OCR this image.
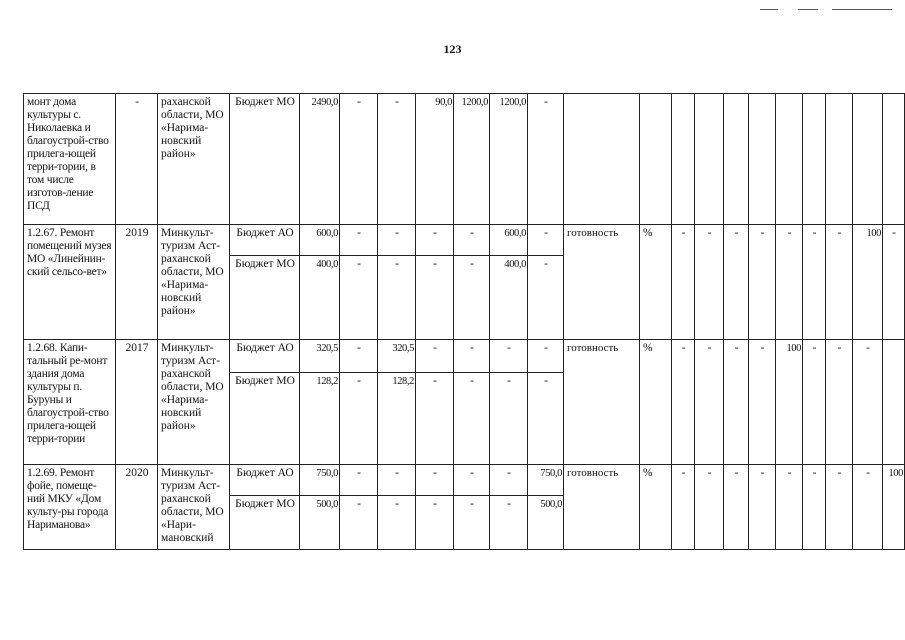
123
монт дома культуры с. Николаевка и благоустрой-ство прилега-ющей терри-тории, в том числе изготов-ление ПСД	-	раханской области, МО «Нарима-новский район»	Бюджет МО	2490,0	-	-	90,0	1200,0	1200,0	-											
1.2.67. Ремонт помещений музея МО «Линейнин-ский сельсо-вет»	2019	Минкульт-туризм Аст-раханской области, МО «Нарима-новский район»	Бюджет АО	600,0	-	-	-	-	600,0	-	готовность	%	-	-	-	-	-	-	-	100	-
			Бюджет МО	400,0	-	-	-	-	400,0	-											
1.2.68. Капи-тальный ре-монт здания дома культуры п. Буруны и благоустрой-ство прилега-ющей терри-тории	2017	Минкульт-туризм Аст-раханской области, МО «Нарима-новский район»	Бюджет АО	320,5	-	320,5	-	-	-	-	готовность	%	-	-	-	-	100	-	-	-	
			Бюджет МО	128,2	-	128,2	-	-	-	-											
1.2.69. Ремонт фойе, помеще-ний МКУ «Дом культу-ры города Нариманова»	2020	Минкульт-туризм Аст-раханской области, МО «Нари-мановский	Бюджет АО	750,0	-	-	-	-	-	750,0	готовность	%	-	-	-	-	-	-	-	-	100
			Бюджет МО	500,0	-	-	-	-	-	500,0											
